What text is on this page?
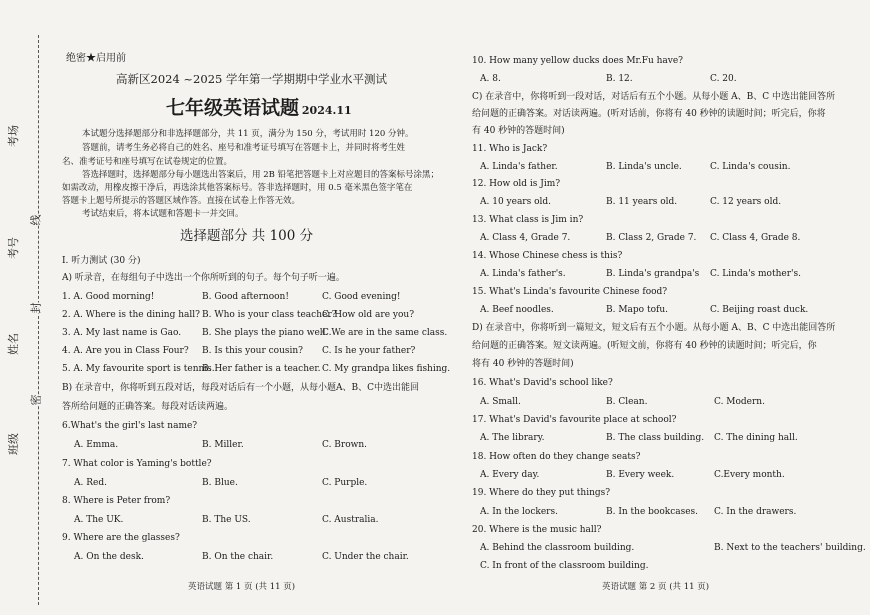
考场
考号
姓名
班级
线
封
密
绝密★启用前
高新区2024 ~2025 学年第一学期期中学业水平测试
七年级英语试题 2024.11
本试题分选择题部分和非选择题部分，共 11 页，满分为 150 分，考试用时 120 分钟。
答题前，请考生务必将自己的姓名、座号和准考证号填写在答题卡上，并同时将考生姓
名、准考证号和座号填写在试卷规定的位置。
答选择题时，选择题部分每小题选出答案后，用 2B 铅笔把答题卡上对应题目的答案标号涂黑；
如需改动，用橡皮擦干净后，再选涂其他答案标号。答非选择题时，用 0.5 毫米黑色签字笔在
答题卡上题号所提示的答题区域作答。直接在试卷上作答无效。
考试结束后，将本试题和答题卡一并交回。
选择题部分 共 100 分
I. 听力测试 (30 分)
A) 听录音，在每组句子中选出一个你所听到的句子。每个句子听一遍。
1. A. Good morning!	B. Good afternoon!	C. Good evening!
2. A. Where is the dining hall? B. Who is your class teacher?
C. How old are you?
3. A. My last name is Gao. B. She plays the piano well.
C.We are in the same class.
4. A. Are you in Class Four? B. Is this your cousin? C. Is he your father?
5. A. My favourite sport is tennis.
B. Her father is a teacher. C. My grandpa likes fishing.
B) 在录音中，你将听到五段对话，每段对话后有一个小题，从每小题A、B、C中选出能回
答所给问题的正确答案。每段对话读两遍。
6.What's the girl's last name?
A. Emma.	B. Miller.	C. Brown.
7. What color is Yaming's bottle?
A. Red.	B. Blue.	C. Purple.
8. Where is Peter from?
A. The UK.	B. The US.	C. Australia.
9. Where are the glasses?
A. On the desk.	B. On the chair.	C. Under the chair.
英语试题 第 1 页 (共 11 页)
10. How many yellow ducks does Mr.Fu have?
A. 8.	B. 12.	C. 20.
C) 在录音中，你将听到一段对话，对话后有五个小题。从每小题 A、B、C 中选出能回答所
给问题的正确答案。对话读两遍。(听对话前，你将有 40 秒钟的读题时间；听完后，你将
有 40 秒钟的答题时间)
11. Who is Jack?
A. Linda's father.	B. Linda's uncle.	C. Linda's cousin.
12. How old is Jim?
A. 10 years old.	B. 11 years old.	C. 12 years old.
13. What class is Jim in?
A. Class 4, Grade 7.	B. Class 2, Grade 7. C. Class 4, Grade 8.
14. Whose Chinese chess is this?
A. Linda's father's.	B. Linda's grandpa's C. Linda's mother's.
15. What's Linda's favourite Chinese food?
A. Beef noodles.	B. Mapo tofu.	C. Beijing roast duck.
D) 在录音中，你将听到一篇短文，短文后有五个小题。从每小题 A、B、C 中选出能回答所
给问题的正确答案。短文读两遍。(听短文前，你将有 40 秒钟的读题时间；听完后，你
将有 40 秒钟的答题时间)
16. What's David's school like?
A. Small.	B. Clean.	C. Modern.
17. What's David's favourite place at school?
A. The library.	B. The class building. C. The dining hall.
18. How often do they change seats?
A. Every day.	B. Every week.	C.Every month.
19. Where do they put things?
A. In the lockers.	B. In the bookcases. C. In the drawers.
20. Where is the music hall?
A. Behind the classroom building.	B. Next to the teachers' building.
C. In front of the classroom building.
英语试题 第 2 页 (共 11 页)
